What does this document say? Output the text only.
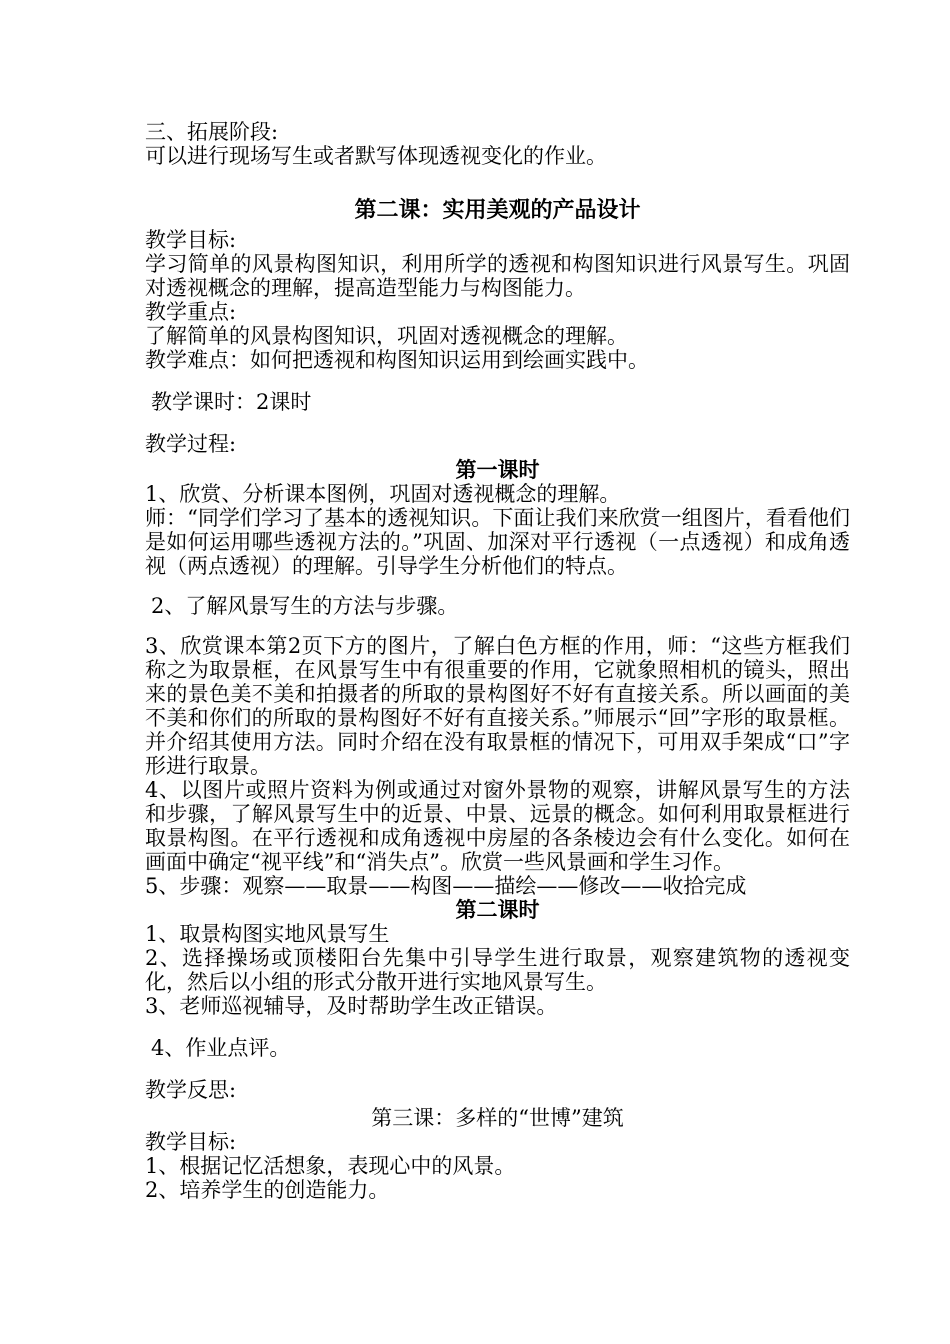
三、拓展阶段:
可以进行现场写生或者默写体现透视变化的作业。
第二课：实用美观的产品设计
教学目标:
学习简单的风景构图知识，利用所学的透视和构图知识进行风景写生。巩固对透视概念的理解，提高造型能力与构图能力。
教学重点:
了解简单的风景构图知识，巩固对透视概念的理解。
教学难点：如何把透视和构图知识运用到绘画实践中。
教学课时：2课时
教学过程:
第一课时
1、欣赏、分析课本图例，巩固对透视概念的理解。
师：“同学们学习了基本的透视知识。下面让我们来欣赏一组图片，看看他们是如何运用哪些透视方法的。”巩固、加深对平行透视（一点透视）和成角透视（两点透视）的理解。引导学生分析他们的特点。
2、了解风景写生的方法与步骤。
3、欣赏课本第2页下方的图片，了解白色方框的作用，师：“这些方框我们称之为取景框，在风景写生中有很重要的作用，它就象照相机的镜头，照出来的景色美不美和拍摄者的所取的景构图好不好有直接关系。所以画面的美不美和你们的所取的景构图好不好有直接关系。”师展示“回”字形的取景框。并介绍其使用方法。同时介绍在没有取景框的情况下，可用双手架成“口”字形进行取景。
4、以图片或照片资料为例或通过对窗外景物的观察，讲解风景写生的方法和步骤，了解风景写生中的近景、中景、远景的概念。如何利用取景框进行取景构图。在平行透视和成角透视中房屋的各条棱边会有什么变化。如何在画面中确定“视平线”和“消失点”。欣赏一些风景画和学生习作。
5、步骤：观察——取景——构图——描绘——修改——收拾完成
第二课时
1、取景构图实地风景写生
2、选择操场或顶楼阳台先集中引导学生进行取景，观察建筑物的透视变化，然后以小组的形式分散开进行实地风景写生。
3、老师巡视辅导，及时帮助学生改正错误。
4、作业点评。
教学反思:
第三课：多样的“世博”建筑
教学目标:
1、根据记忆活想象，表现心中的风景。
2、培养学生的创造能力。
